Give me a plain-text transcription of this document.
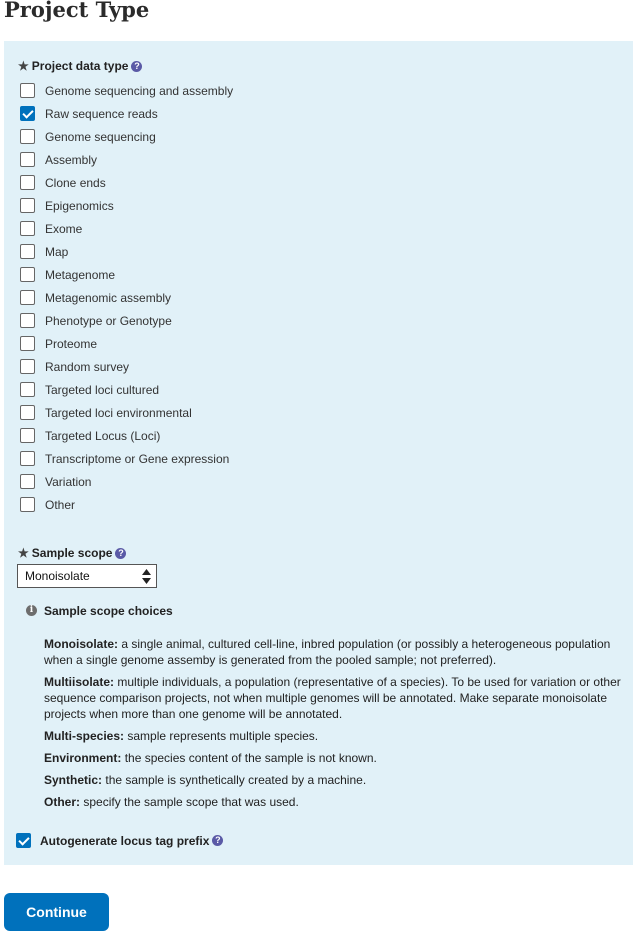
Project Type
★ Project data type ?
Genome sequencing and assembly
Raw sequence reads
Genome sequencing
Assembly
Clone ends
Epigenomics
Exome
Map
Metagenome
Metagenomic assembly
Phenotype or Genotype
Proteome
Random survey
Targeted loci cultured
Targeted loci environmental
Targeted Locus (Loci)
Transcriptome or Gene expression
Variation
Other
★ Sample scope ?
Monoisolate
i Sample scope choices
Monoisolate: a single animal, cultured cell-line, inbred population (or possibly a heterogeneous population when a single genome assemby is generated from the pooled sample; not preferred).
Multiisolate: multiple individuals, a population (representative of a species). To be used for variation or other sequence comparison projects, not when multiple genomes will be annotated. Make separate monoisolate projects when more than one genome will be annotated.
Multi-species: sample represents multiple species.
Environment: the species content of the sample is not known.
Synthetic: the sample is synthetically created by a machine.
Other: specify the sample scope that was used.
Autogenerate locus tag prefix ?
Continue
